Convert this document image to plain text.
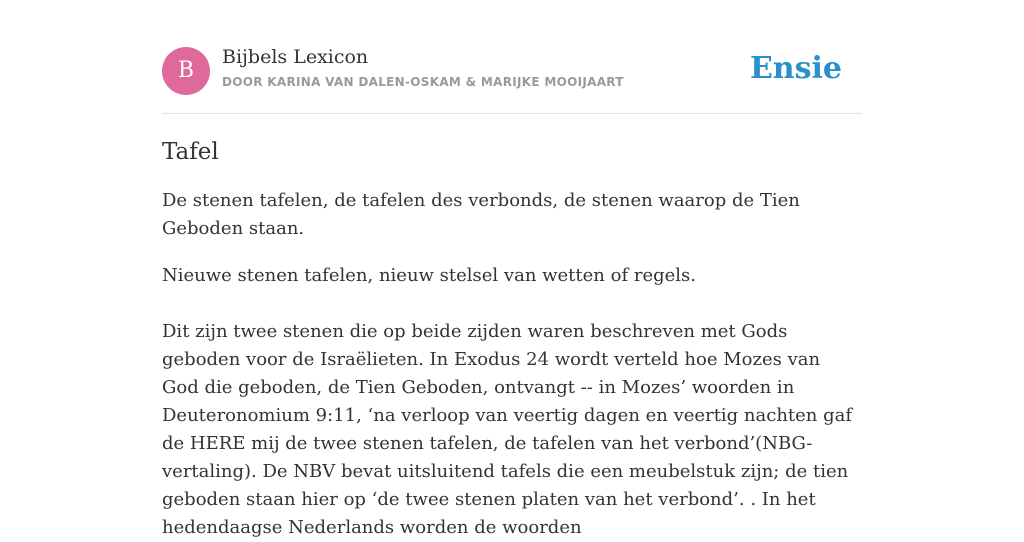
B
Bijbels Lexicon
DOOR KARINA VAN DALEN-OSKAM & MARIJKE MOOIJAART	Ensie
Tafel

De stenen tafelen, de tafelen des verbonds, de stenen waarop de Tien Geboden staan.

Nieuwe stenen tafelen, nieuw stelsel van wetten of regels.

Dit zijn twee stenen die op beide zijden waren beschreven met Gods geboden voor de Israëlieten. In Exodus 24 wordt verteld hoe Mozes van God die geboden, de Tien Geboden, ontvangt -- in Mozes’ woorden in Deuteronomium 9:11, ‘na verloop van veertig dagen en veertig nachten gaf de HERE mij de twee stenen tafelen, de tafelen van het verbond’(NBG-vertaling). De NBV bevat uitsluitend tafels die een meubelstuk zijn; de tien geboden staan hier op ‘de twee stenen platen van het verbond’. . In het hedendaagse Nederlands worden de woorden
